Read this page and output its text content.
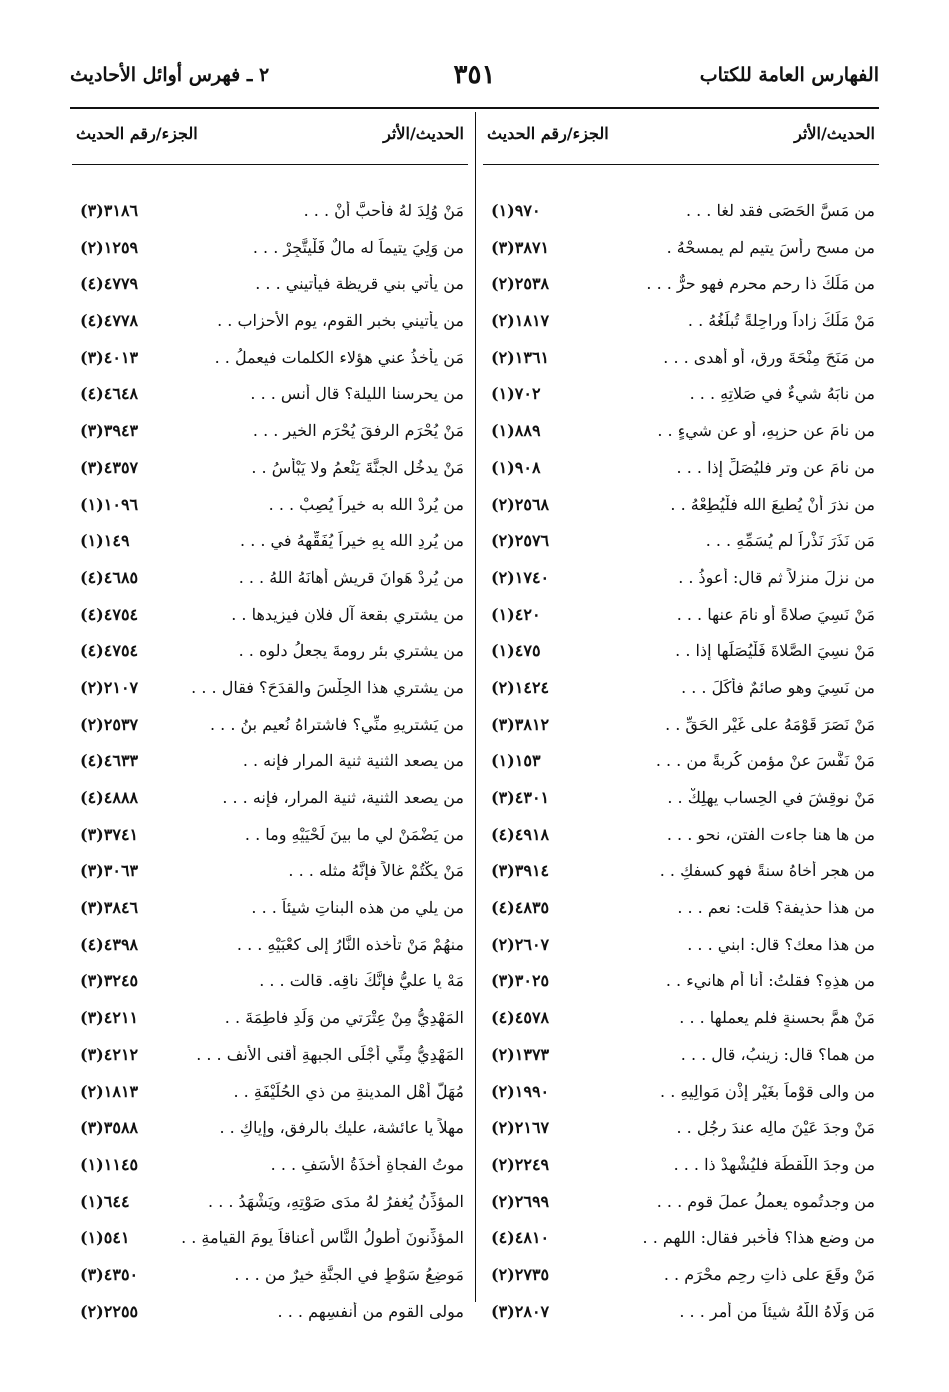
الفهارس العامة للكتاب
٣٥١
٢ ـ فهرس أوائل الأحاديث
الحديث/الأثر
الجزء/رقم الحديث
من مَسَّ الحَصَى فقد لغا . . .
٩٧٠(١)
من مسح رأسَ يتيم لم يمسحْهُ .
٣٨٧١(٣)
من مَلَكَ ذا رحم محرم فهو حرٌّ . . .
٢٥٣٨(٢)
مَنْ مَلَكَ زاداً وراحِلةً تُبلِّغُهُ . .
١٨١٧(٢)
من مَنَحَ مِنْحَةَ ورِقٍ، أو أهدى . . .
١٣٦١(٢)
من نابَهُ شيءٌ في صَلاتِهِ . . .
٧٠٢(١)
من نامَ عن حزبِهِ، أو عن شيءٍ . .
٨٨٩(١)
من نامَ عن وترٍ فليُصَلِّ إذا . . .
٩٠٨(١)
من نذرَ أنْ يُطيعَ الله فلْيُطِعْهُ . .
٢٥٦٨(٢)
مَن نَذَرَ نَذْراً لم يُسَمِّهِ . . .
٢٥٧٦(٢)
من نزلَ منزلاً ثم قال: أعوذُ . .
١٧٤٠(٢)
مَنْ نَسِيَ صلاةً أو نامَ عنها . . .
٤٢٠(١)
مَنْ نسِيَ الصَّلاةَ فَلْيُصَلِّها إذا . .
٤٧٥(١)
من نَسِيَ وهو صائمٌ فأكَلَ . . .
١٤٢٤(٢)
مَنْ نَصَرَ قَوْمَهُ على غَيْرِ الحَقِّ . .
٣٨١٢(٣)
مَنْ نَفَّسَ عنْ مؤمنٍ كُربةً من . . .
١٥٣(١)
مَنْ نوقِشَ في الحِساب يهلِكْ . .
٤٣٠١(٣)
من ها هنا جاءت الفتن، نحو . . .
٤٩١٨(٤)
من هجر أخاهُ سنةً فهو كسفكِ . .
٣٩١٤(٣)
من هذا حذيفة؟ قلت: نعم . . .
٤٨٣٥(٤)
من هذا معك؟ قال: ابني . . .
٢٦٠٧(٢)
من هذِهِ؟ فقلتُ: أنا أم هانيء . .
٣٠٢٥(٣)
مَنْ همَّ بحسنةٍ فلم يعملها . . .
٤٥٧٨(٤)
من هما؟ قال: زينبُ، قال . . .
١٣٧٣(٢)
من والى قوْماً بغَيْرِ إذْنِ مَوالِيهِ . .
١٩٩٠(٢)
مَنْ وجدَ عَيْنَ مالِه عندَ رجُلٍ . .
٢١٦٧(٢)
من وجدَ اللُّقطَة فليُشْهِدْ ذا . . .
٢٢٤٩(٢)
من وجدتُموه يعملُ عملَ قومِ . . .
٢٦٩٩(٢)
من وضع هذا؟ فأخبر فقال: اللهم . .
٤٨١٠(٤)
مَنْ وقَعَ على ذاتِ رحِمٍ محْرَمٍ . .
٢٧٣٥(٢)
مَن وَلَّاهُ اللَّهُ شيئاً من أمرِ . . .
٢٨٠٧(٣)
الحديث/الأثر
الجزء/رقم الحديث
مَنْ وُلِدَ لهُ فأَحبَّ أنْ . . .
٣١٨٦(٣)
من وَلِيَ يتيماً له مالٌ فَلْيتَّجِرْ . . .
١٢٥٩(٢)
من يأتي بني قريظة فيأتيني . . .
٤٧٧٩(٤)
من يأتيني بخبر القوم، يوم الأحزاب . .
٤٧٧٨(٤)
مَن يأخذُ عني هؤلاء الكلمات فيعملُ . .
٤٠١٣(٣)
من يحرسنا الليلة؟ قال أنس . . .
٤٦٤٨(٤)
مَنْ يُحْرَمِ الرفقَ يُحْرَمِ الخير . . .
٣٩٤٣(٣)
مَنْ يدخُل الجنَّةَ يَنْعمُ ولا يَبْأسُ . .
٤٣٥٧(٣)
من يُرِدْ الله به خيراً يُصِبْ . . .
١٠٩٦(١)
من يُرِدِ الله بِهِ خيراً يُفَقِّههُ في . . .
١٤٩(١)
من يُرِدْ هَوانَ قريشٍ أهانَهُ اللهُ . . .
٤٦٨٥(٤)
من يشتري بقعة آل فلانٍ فيزيدها . .
٤٧٥٤(٤)
من يشتري بئر رومةَ يجعلُ دلوه . .
٤٧٥٤(٤)
من يشتري هذا الحِلْسَ والقدَحَ؟ فقال . . .
٢١٠٧(٢)
من يَشتريهِ منِّي؟ فاشتراهُ نُعيم بنُ . . .
٢٥٣٧(٢)
من يصعد الثنية ثنية المرار فإنه . .
٤٦٣٣(٤)
من يصعد الثنية، ثنية المرار، فإنه . . .
٤٨٨٨(٤)
من يَضْمَنْ لي ما بينَ لَحْيَيْهِ وما . .
٣٧٤١(٣)
مَنْ يكْتُمْ غالاً فإنَّهُ مثله . . .
٣٠٦٣(٣)
من يلي من هذه البناتِ شيئاً . . .
٣٨٤٦(٣)
منهُمْ مَنْ تأخذه النَّارُ إلى كعْبَيْهِ . . .
٤٣٩٨(٤)
مَهْ يا عليُّ فإنَّكَ ناقِه. قالت . . .
٣٢٤٥(٣)
المَهْدِيُّ مِنْ عِتْرَتي من وَلَدِ فاطِمَةَ . .
٤٢١١(٣)
المَهْدِيُّ مِنِّي أجْلَى الجبهةِ أقنى الأنف . . .
٤٢١٢(٣)
مُهَلُّ أهْلِ المدينةِ من ذي الحُلَيْفَةِ . .
١٨١٣(٢)
مهلاً يا عائشة، عليك بالرفقِ، وإياكِ . .
٣٥٨٨(٣)
موتُ الفجاةِ أخذَةُ الأسَفِ . . .
١١٤٥(١)
المؤذِّنُ يُغفرُ لهُ مدَى صَوْتِهِ، ويَشْهَدُ . . .
٦٤٤(١)
المؤذِّنونَ أطولُ النَّاسِ أعناقاً يومَ القيامةِ . .
٥٤١(١)
مَوضِعُ سَوْطٍ في الجنَّةِ خيرٌ من . . .
٤٣٥٠(٣)
مولى القوم من أنفسِهِم . . .
٢٢٥٥(٢)
